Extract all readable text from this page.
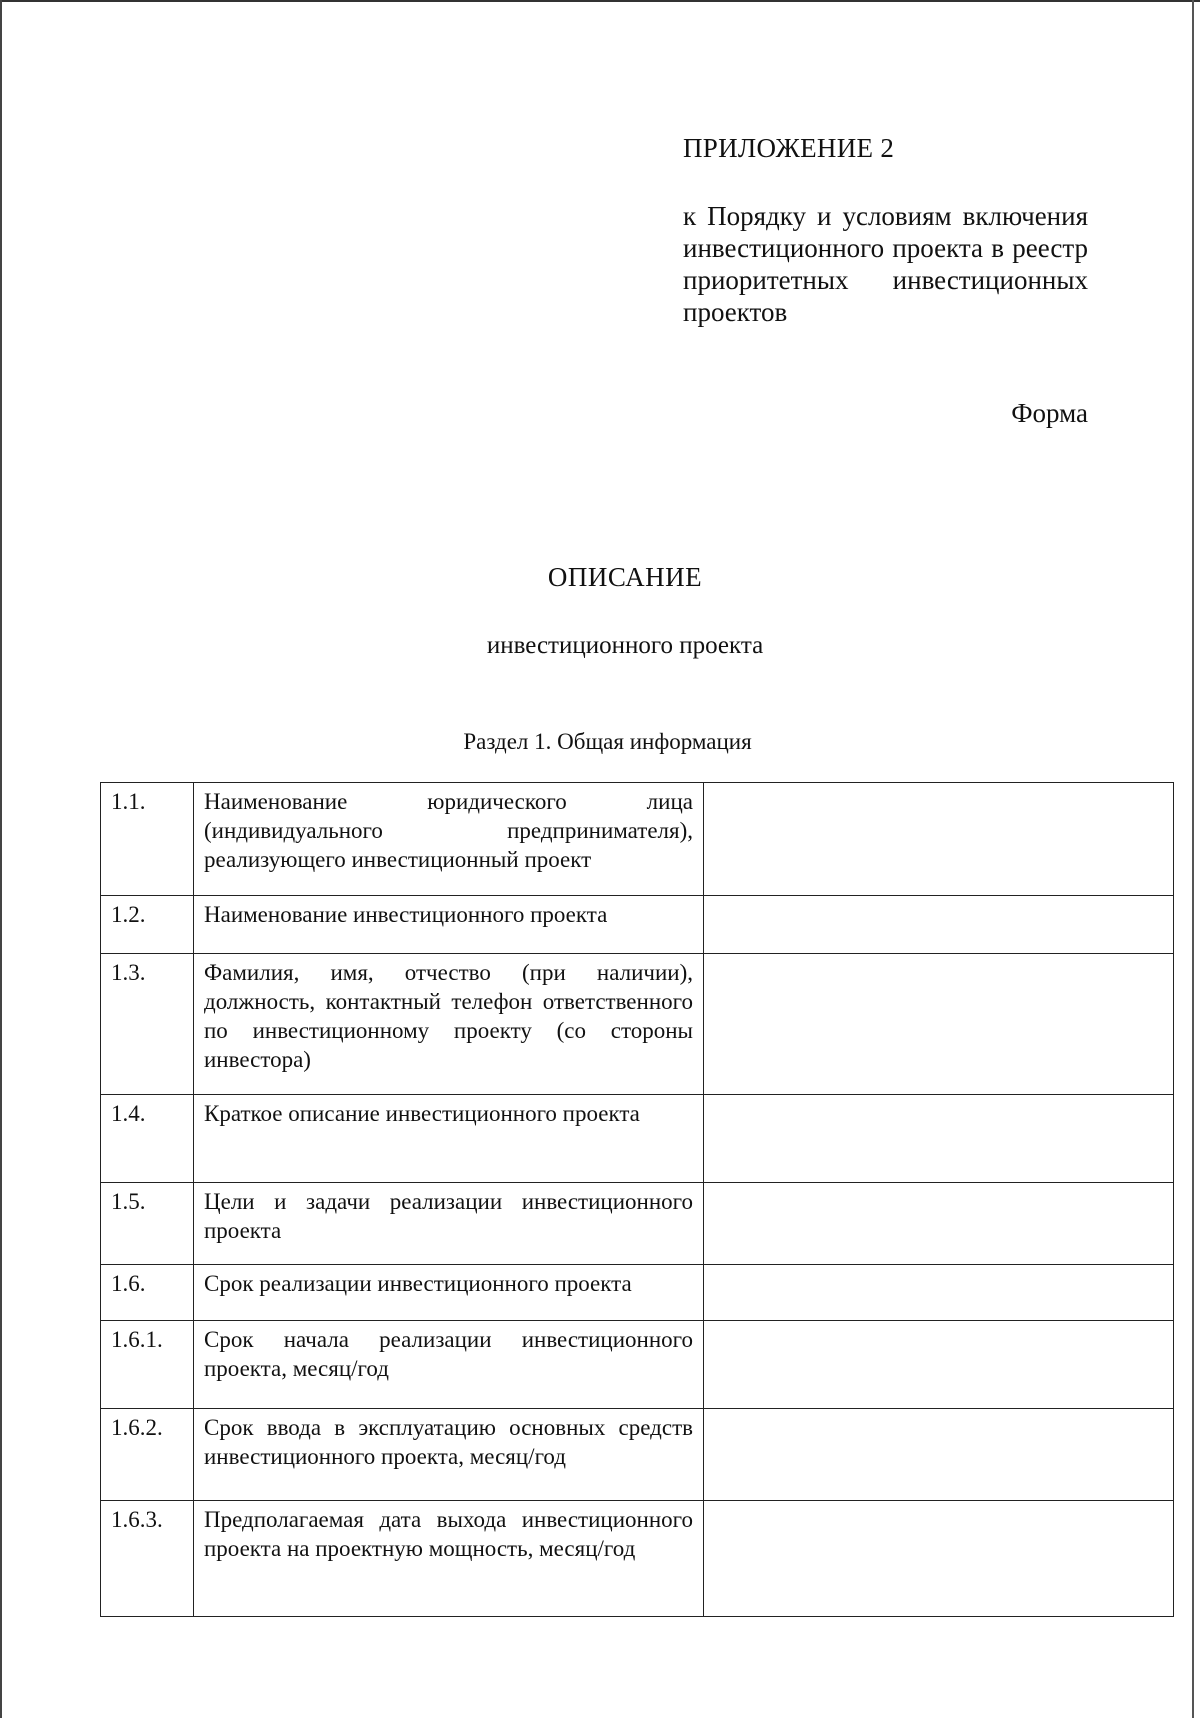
ПРИЛОЖЕНИЕ 2
к Порядку и условиям включения инвестиционного проекта в реестр приоритетных инвестиционных проектов
Форма
ОПИСАНИЕ
инвестиционного проекта
Раздел 1. Общая информация
1.1.	Наименование юридического лица (индивидуального предпринимателя), реализующего инвестиционный проект	
1.2.	Наименование инвестиционного проекта	
1.3.	Фамилия, имя, отчество (при наличии), должность, контактный телефон ответственного по инвестиционному проекту (со стороны инвестора)	
1.4.	Краткое описание инвестиционного проекта	
1.5.	Цели и задачи реализации инвестиционного проекта	
1.6.	Срок реализации инвестиционного проекта	
1.6.1.	Срок начала реализации инвестиционного проекта, месяц/год	
1.6.2.	Срок ввода в эксплуатацию основных средств инвестиционного проекта, месяц/год	
1.6.3.	Предполагаемая дата выхода инвестиционного проекта на проектную мощность, месяц/год	
